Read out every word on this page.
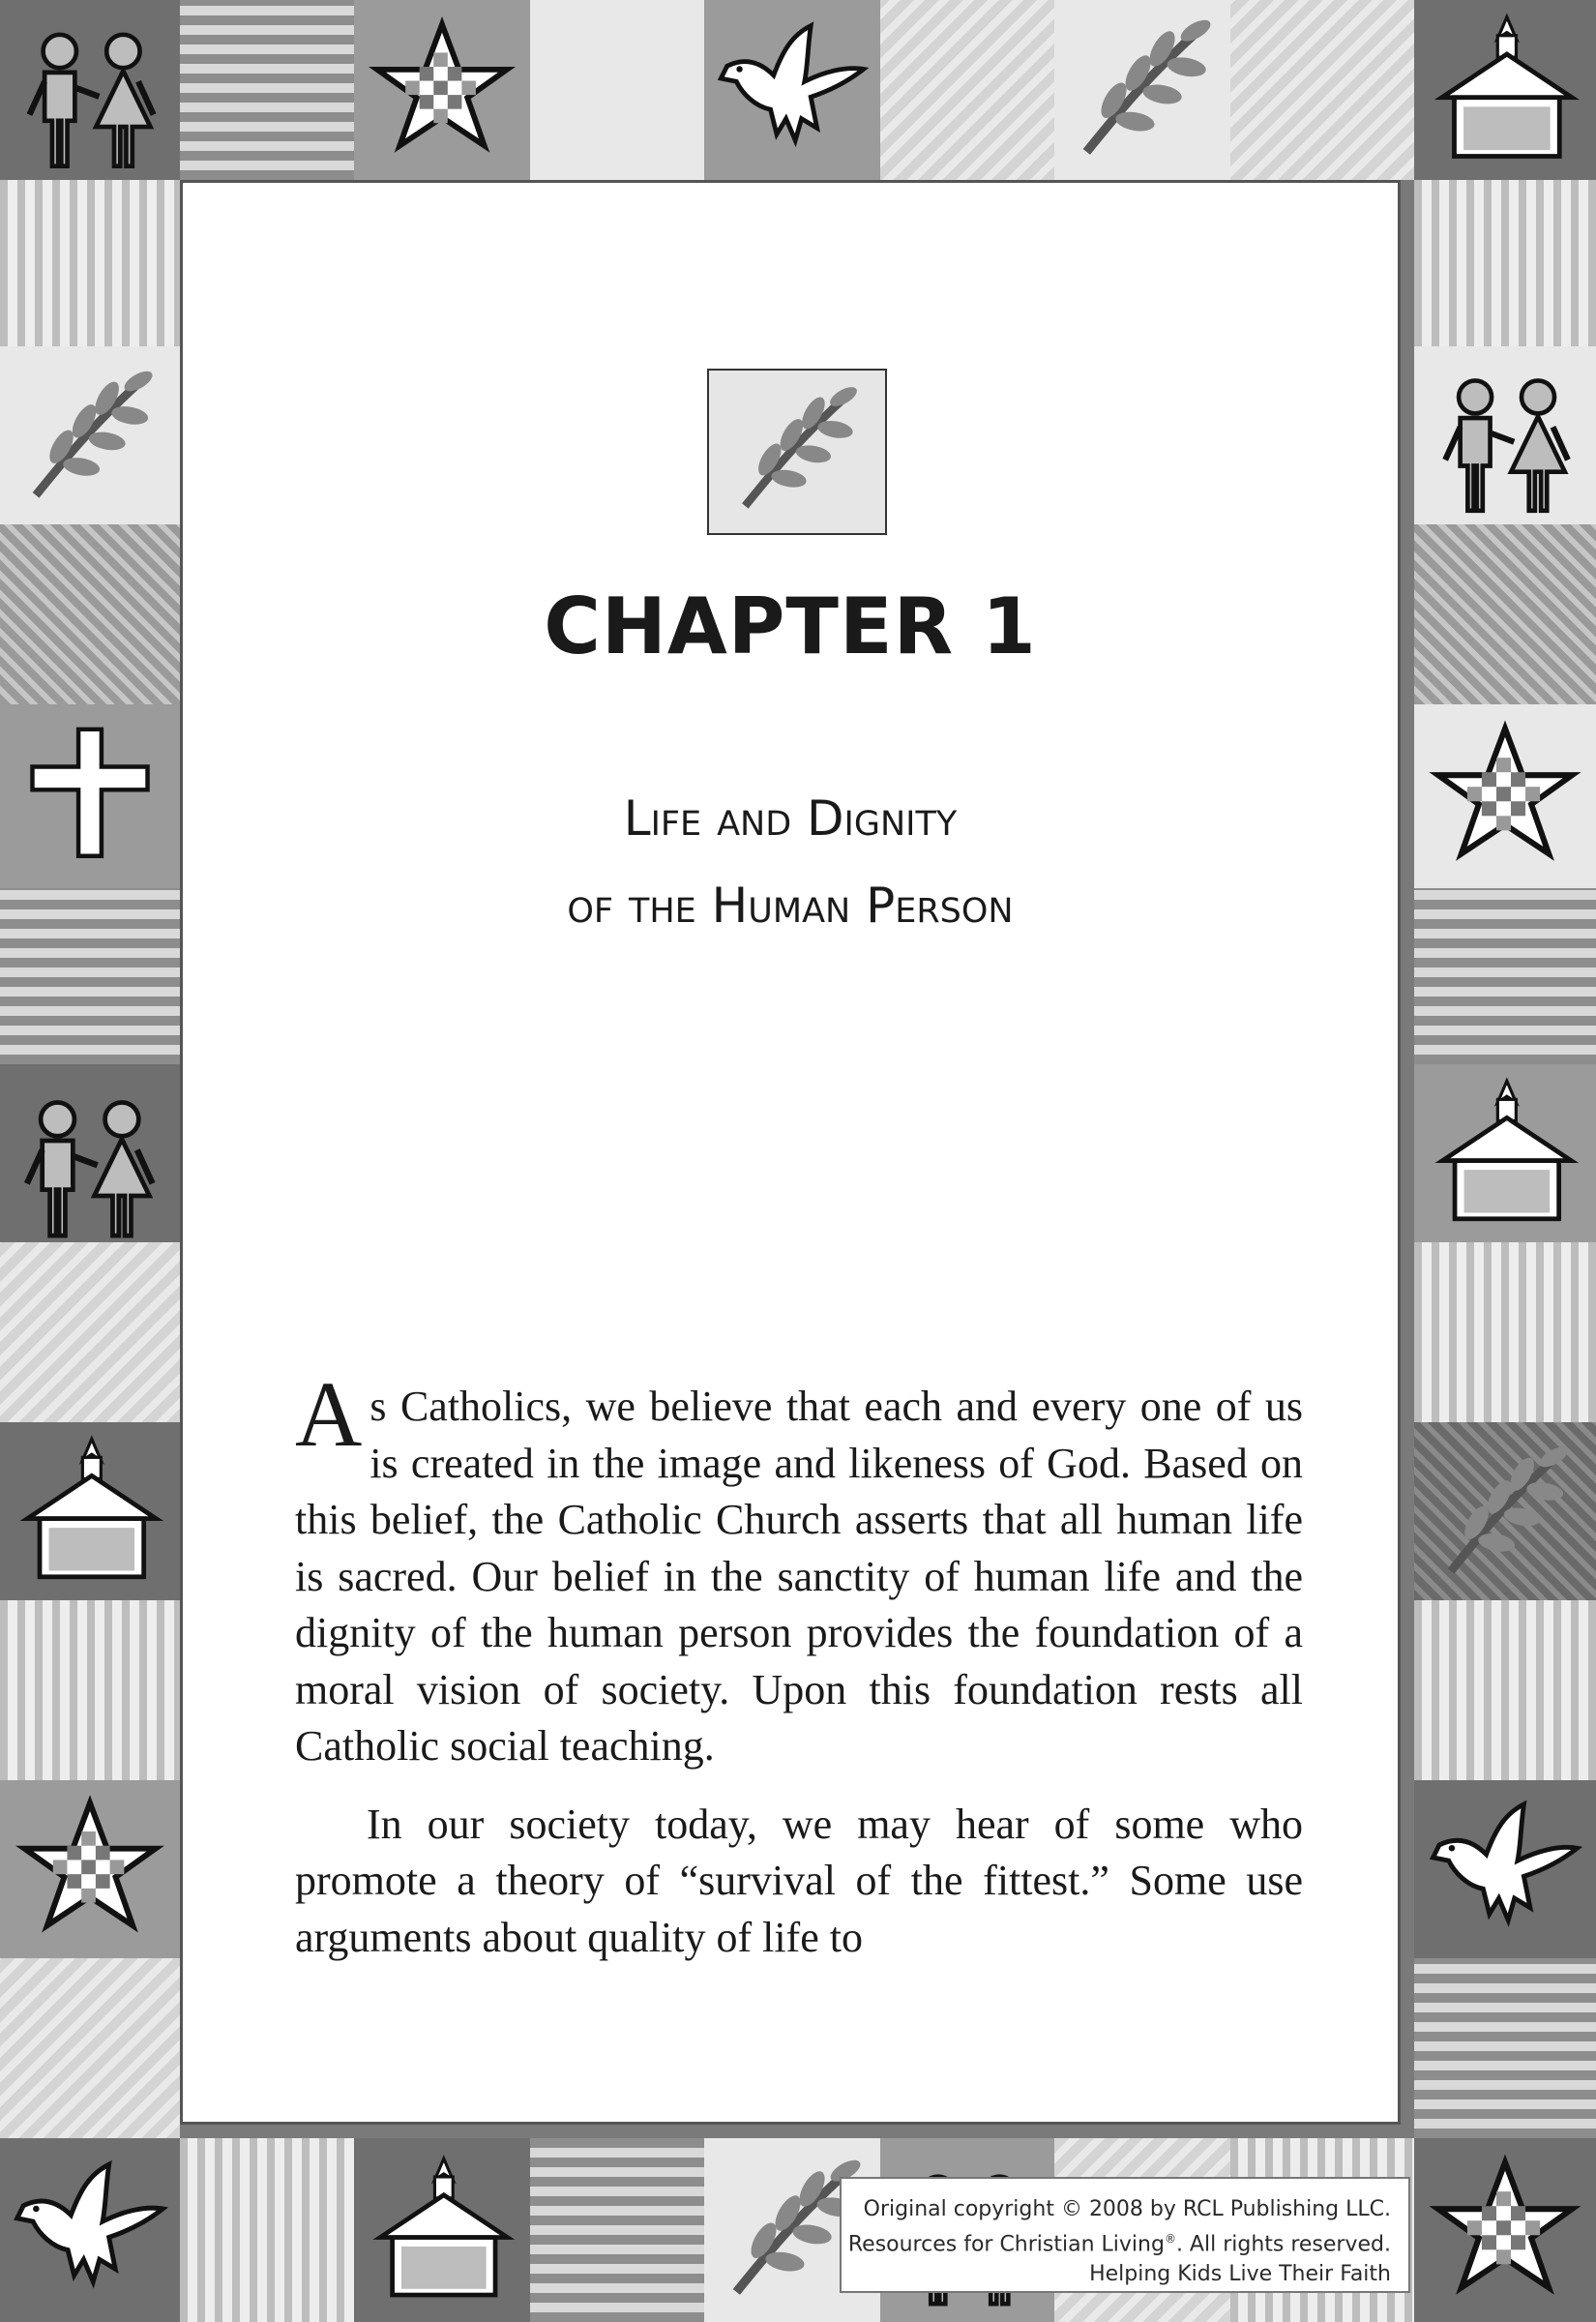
CHAPTER 1
Life and Dignity
of the Human Person

As Catholics, we believe that each and every one of us is created in the image and likeness of God. Based on this belief, the Catholic Church asserts that all human life is sacred. Our belief in the sanctity of human life and the dignity of the human person provides the foundation of a moral vision of society. Upon this foundation rests all Catholic social teaching.

In our society today, we may hear of some who promote a theory of “survival of the fittest.” Some use arguments about quality of life to

Original copyright © 2008 by RCL Publishing LLC.
Resources for Christian Living®. All rights reserved.
Helping Kids Live Their Faith
